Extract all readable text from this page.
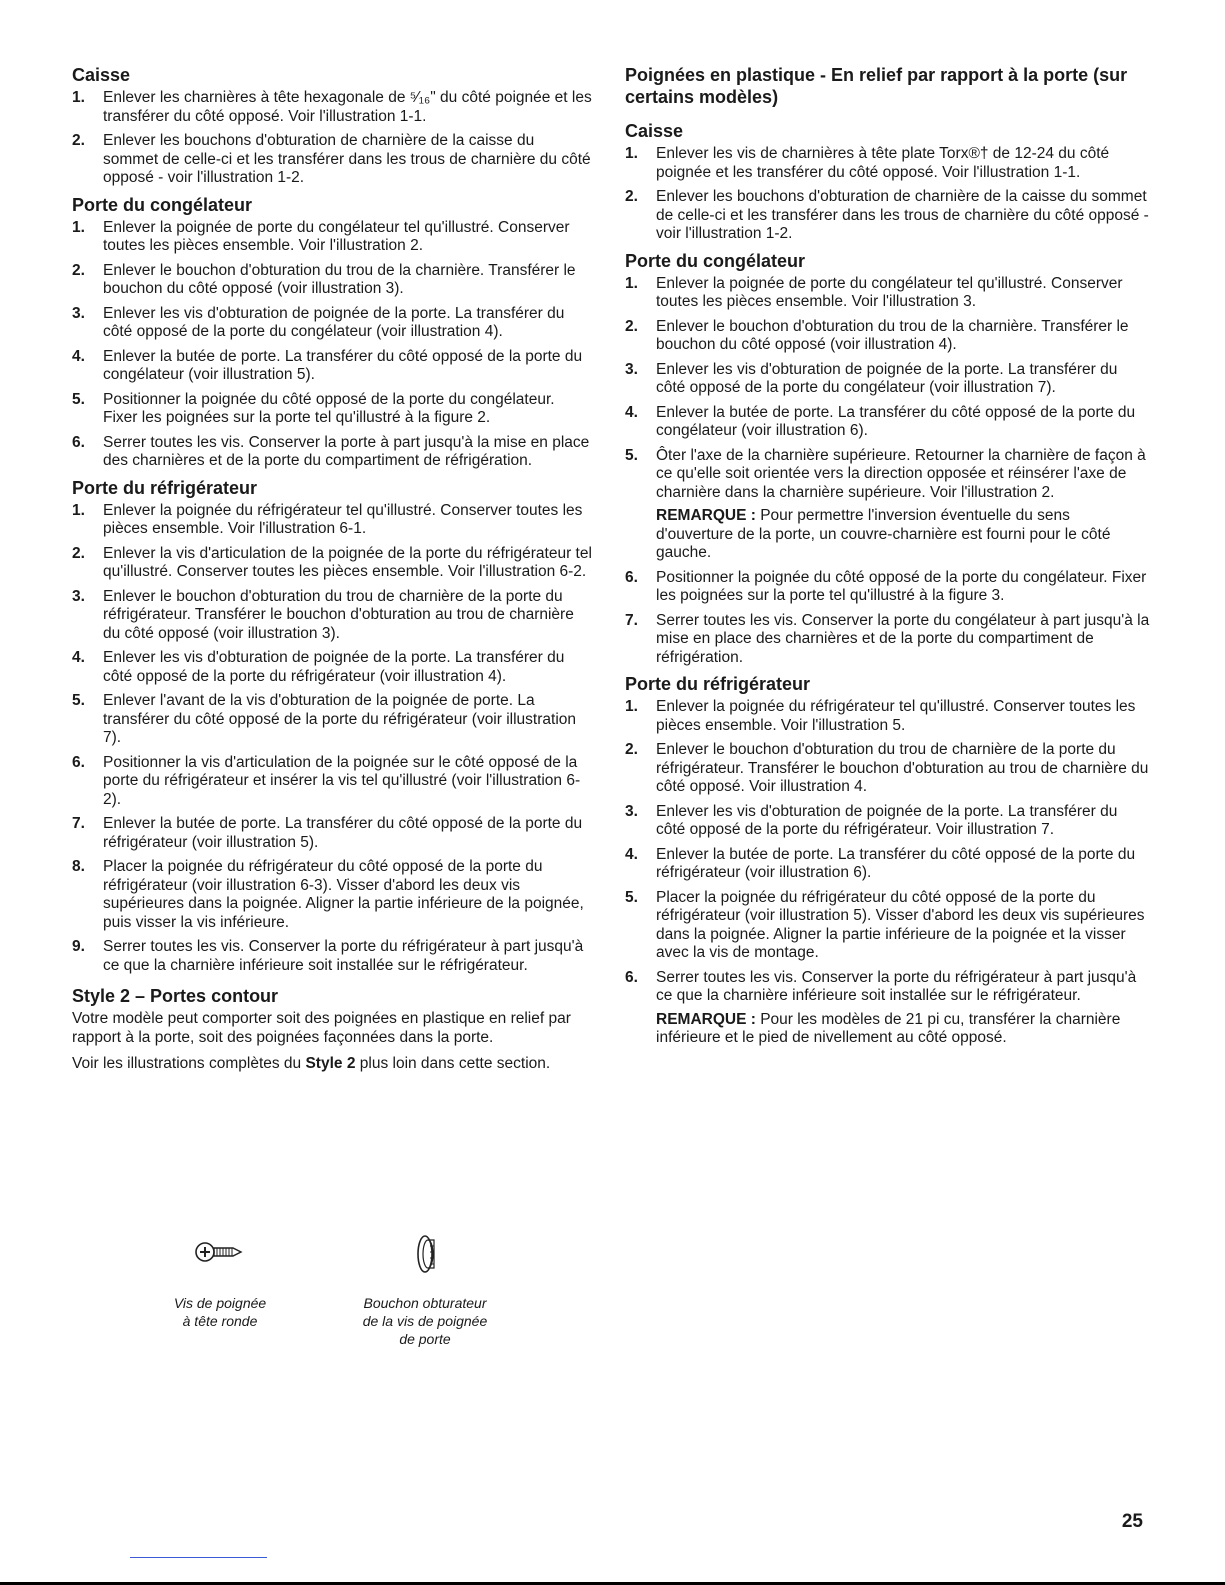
Caisse
1. Enlever les charnières à tête hexagonale de ⁵⁄₁₆" du côté poignée et les transférer du côté opposé. Voir l'illustration 1-1.
2. Enlever les bouchons d'obturation de charnière de la caisse du sommet de celle-ci et les transférer dans les trous de charnière du côté opposé - voir l'illustration 1-2.
Porte du congélateur
1. Enlever la poignée de porte du congélateur tel qu'illustré. Conserver toutes les pièces ensemble. Voir l'illustration 2.
2. Enlever le bouchon d'obturation du trou de la charnière. Transférer le bouchon du côté opposé (voir illustration 3).
3. Enlever les vis d'obturation de poignée de la porte. La transférer du côté opposé de la porte du congélateur (voir illustration 4).
4. Enlever la butée de porte. La transférer du côté opposé de la porte du congélateur (voir illustration 5).
5. Positionner la poignée du côté opposé de la porte du congélateur. Fixer les poignées sur la porte tel qu'illustré à la figure 2.
6. Serrer toutes les vis. Conserver la porte à part jusqu'à la mise en place des charnières et de la porte du compartiment de réfrigération.
Porte du réfrigérateur
1. Enlever la poignée du réfrigérateur tel qu'illustré. Conserver toutes les pièces ensemble. Voir l'illustration 6-1.
2. Enlever la vis d'articulation de la poignée de la porte du réfrigérateur tel qu'illustré. Conserver toutes les pièces ensemble. Voir l'illustration 6-2.
3. Enlever le bouchon d'obturation du trou de charnière de la porte du réfrigérateur. Transférer le bouchon d'obturation au trou de charnière du côté opposé (voir illustration 3).
4. Enlever les vis d'obturation de poignée de la porte. La transférer du côté opposé de la porte du réfrigérateur (voir illustration 4).
5. Enlever l'avant de la vis d'obturation de la poignée de porte. La transférer du côté opposé de la porte du réfrigérateur (voir illustration 7).
6. Positionner la vis d'articulation de la poignée sur le côté opposé de la porte du réfrigérateur et insérer la vis tel qu'illustré (voir l'illustration 6-2).
7. Enlever la butée de porte. La transférer du côté opposé de la porte du réfrigérateur (voir illustration 5).
8. Placer la poignée du réfrigérateur du côté opposé de la porte du réfrigérateur (voir illustration 6-3). Visser d'abord les deux vis supérieures dans la poignée. Aligner la partie inférieure de la poignée, puis visser la vis inférieure.
9. Serrer toutes les vis. Conserver la porte du réfrigérateur à part jusqu'à ce que la charnière inférieure soit installée sur le réfrigérateur.
Style 2 – Portes contour

Votre modèle peut comporter soit des poignées en plastique en relief par rapport à la porte, soit des poignées façonnées dans la porte.

Voir les illustrations complètes du Style 2 plus loin dans cette section.

Vis de poignée
à tête ronde
Bouchon obturateur
de la vis de poignée
de porte
Poignées en plastique - En relief par rapport à la porte (sur certains modèles)
Caisse
1. Enlever les vis de charnières à tête plate Torx®† de 12-24 du côté poignée et les transférer du côté opposé. Voir l'illustration 1-1.
2. Enlever les bouchons d'obturation de charnière de la caisse du sommet de celle-ci et les transférer dans les trous de charnière du côté opposé - voir l'illustration 1-2.
Porte du congélateur
1. Enlever la poignée de porte du congélateur tel qu'illustré. Conserver toutes les pièces ensemble. Voir l'illustration 3.
2. Enlever le bouchon d'obturation du trou de la charnière. Transférer le bouchon du côté opposé (voir illustration 4).
3. Enlever les vis d'obturation de poignée de la porte. La transférer du côté opposé de la porte du congélateur (voir illustration 7).
4. Enlever la butée de porte. La transférer du côté opposé de la porte du congélateur (voir illustration 6).
5. Ôter l'axe de la charnière supérieure. Retourner la charnière de façon à ce qu'elle soit orientée vers la direction opposée et réinsérer l'axe de charnière dans la charnière supérieure. Voir l'illustration 2.
REMARQUE : Pour permettre l'inversion éventuelle du sens d'ouverture de la porte, un couvre-charnière est fourni pour le côté gauche.
6. Positionner la poignée du côté opposé de la porte du congélateur. Fixer les poignées sur la porte tel qu'illustré à la figure 3.
7. Serrer toutes les vis. Conserver la porte du congélateur à part jusqu'à la mise en place des charnières et de la porte du compartiment de réfrigération.
Porte du réfrigérateur
1. Enlever la poignée du réfrigérateur tel qu'illustré. Conserver toutes les pièces ensemble. Voir l'illustration 5.
2. Enlever le bouchon d'obturation du trou de charnière de la porte du réfrigérateur. Transférer le bouchon d'obturation au trou de charnière du côté opposé. Voir illustration 4.
3. Enlever les vis d'obturation de poignée de la porte. La transférer du côté opposé de la porte du réfrigérateur. Voir illustration 7.
4. Enlever la butée de porte. La transférer du côté opposé de la porte du réfrigérateur (voir illustration 6).
5. Placer la poignée du réfrigérateur du côté opposé de la porte du réfrigérateur (voir illustration 5). Visser d'abord les deux vis supérieures dans la poignée. Aligner la partie inférieure de la poignée et la visser avec la vis de montage.
6. Serrer toutes les vis. Conserver la porte du réfrigérateur à part jusqu'à ce que la charnière inférieure soit installée sur le réfrigérateur.
REMARQUE : Pour les modèles de 21 pi cu, transférer la charnière inférieure et le pied de nivellement au côté opposé.
25
